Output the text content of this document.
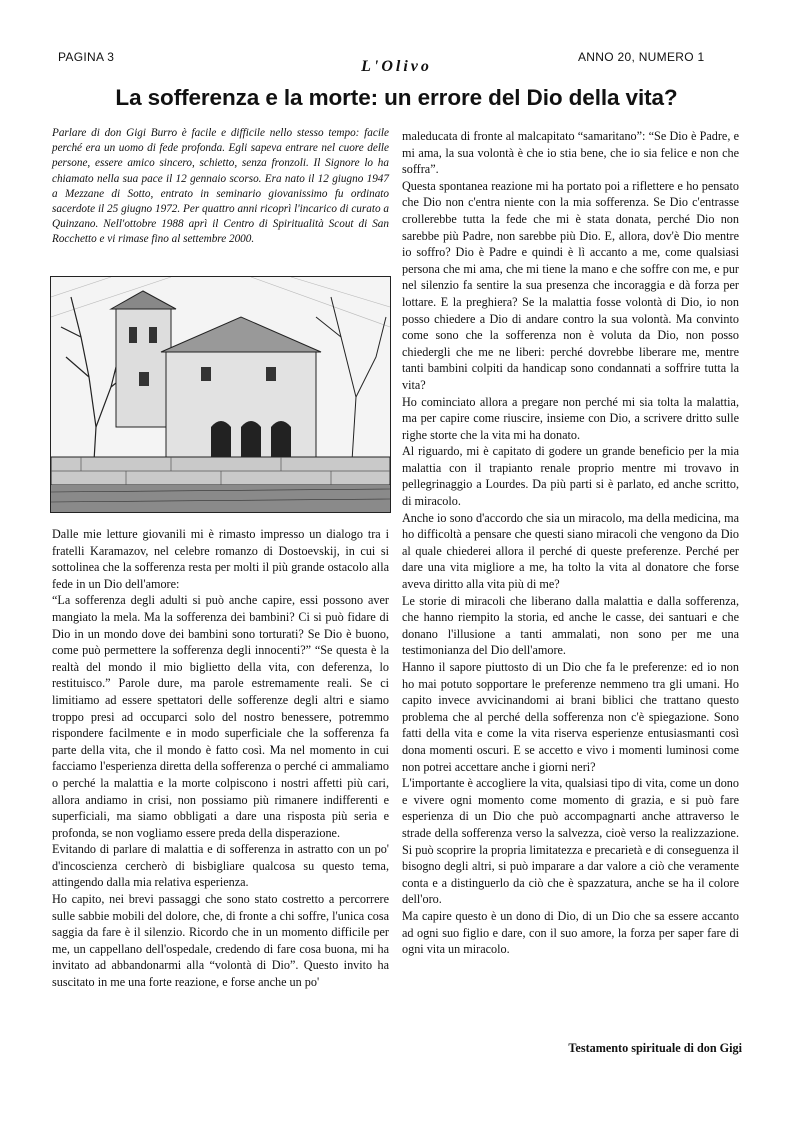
PAGINA 3	ANNO 20, NUMERO 1
L'Olivo
La sofferenza e la morte: un errore del Dio della vita?

Parlare di don Gigi Burro è facile e difficile nello stesso tempo: facile perché era un uomo di fede profonda. Egli sapeva entrare nel cuore delle persone, essere amico sincero, schietto, senza fronzoli. Il Signore lo ha chiamato nella sua pace il 12 gennaio scorso. Era nato il 12 giugno 1947 a Mezzane di Sotto, entrato in seminario giovanissimo fu ordinato sacerdote il 25 giugno 1972. Per quattro anni ricoprì l'incarico di curato a Quinzano. Nell'ottobre 1988 aprì il Centro di Spiritualità Scout di San Rocchetto e vi rimase fino al settembre 2000.

Dalle mie letture giovanili mi è rimasto impresso un dialogo tra i fratelli Karamazov, nel celebre romanzo di Dostoevskij, in cui si sottolinea che la sofferenza resta per molti il più grande ostacolo alla fede in un Dio dell'amore:

“La sofferenza degli adulti si può anche capire, essi possono aver mangiato la mela. Ma la sofferenza dei bambini? Ci si può fidare di Dio in un mondo dove dei bambini sono torturati? Se Dio è buono, come può permettere la sofferenza degli innocenti?” “Se questa è la realtà del mondo il mio biglietto della vita, con deferenza, lo restituisco.” Parole dure, ma parole estremamente reali. Se ci limitiamo ad essere spettatori delle sofferenze degli altri e siamo troppo presi ad occuparci solo del nostro benessere, potremmo rispondere facilmente e in modo superficiale che la sofferenza fa parte della vita, che il mondo è fatto così. Ma nel momento in cui facciamo l'esperienza diretta della sofferenza o perché ci ammaliamo o perché la malattia e la morte colpiscono i nostri affetti più cari, allora andiamo in crisi, non possiamo più rimanere indifferenti e superficiali, ma siamo obbligati a dare una risposta più seria e profonda, se non vogliamo essere preda della disperazione.

Evitando di parlare di malattia e di sofferenza in astratto con un po' d'incoscienza cercherò di bisbigliare qualcosa su questo tema, attingendo dalla mia relativa esperienza.

Ho capito, nei brevi passaggi che sono stato costretto a percorrere sulle sabbie mobili del dolore, che, di fronte a chi soffre, l'unica cosa saggia da fare è il silenzio. Ricordo che in un momento difficile per me, un cappellano dell'ospedale, credendo di fare cosa buona, mi ha invitato ad abbandonarmi alla “volontà di Dio”. Questo invito ha suscitato in me una forte reazione, e forse anche un po'

maleducata di fronte al malcapitato “samaritano”: “Se Dio è Padre, e mi ama, la sua volontà è che io stia bene, che io sia felice e non che soffra”.

Questa spontanea reazione mi ha portato poi a riflettere e ho pensato che Dio non c'entra niente con la mia sofferenza. Se Dio c'entrasse crollerebbe tutta la fede che mi è stata donata, perché Dio non sarebbe più Padre, non sarebbe più Dio. E, allora, dov'è Dio mentre io soffro? Dio è Padre e quindi è lì accanto a me, come qualsiasi persona che mi ama, che mi tiene la mano e che soffre con me, e pur nel silenzio fa sentire la sua presenza che incoraggia e dà forza per lottare. E la preghiera? Se la malattia fosse volontà di Dio, io non posso chiedere a Dio di andare contro la sua volontà. Ma convinto come sono che la sofferenza non è voluta da Dio, non posso chiedergli che me ne liberi: perché dovrebbe liberare me, mentre tanti bambini colpiti da handicap sono condannati a soffrire tutta la vita?

Ho cominciato allora a pregare non perché mi sia tolta la malattia, ma per capire come riuscire, insieme con Dio, a scrivere dritto sulle righe storte che la vita mi ha donato.

Al riguardo, mi è capitato di godere un grande beneficio per la mia malattia con il trapianto renale proprio mentre mi trovavo in pellegrinaggio a Lourdes. Da più parti si è parlato, ed anche scritto, di miracolo.

Anche io sono d'accordo che sia un miracolo, ma della medicina, ma ho difficoltà a pensare che questi siano miracoli che vengono da Dio al quale chiederei allora il perché di queste preferenze. Perché per dare una vita migliore a me, ha tolto la vita al donatore che forse aveva diritto alla vita più di me?

Le storie di miracoli che liberano dalla malattia e dalla sofferenza, che hanno riempito la storia, ed anche le casse, dei santuari e che donano l'illusione a tanti ammalati, non sono per me una testimonianza del Dio dell'amore.

Hanno il sapore piuttosto di un Dio che fa le preferenze: ed io non ho mai potuto sopportare le preferenze nemmeno tra gli umani. Ho capito invece avvicinandomi ai brani biblici che trattano questo problema che al perché della sofferenza non c'è spiegazione. Sono fatti della vita e come la vita riserva esperienze entusiasmanti così dona momenti oscuri. E se accetto e vivo i momenti luminosi come non potrei accettare anche i giorni neri?

L'importante è accogliere la vita, qualsiasi tipo di vita, come un dono e vivere ogni momento come momento di grazia, e si può fare esperienza di un Dio che può accompagnarti anche attraverso le strade della sofferenza verso la salvezza, cioè verso la realizzazione. Si può scoprire la propria limitatezza e precarietà e di conseguenza il bisogno degli altri, si può imparare a dar valore a ciò che veramente conta e a distinguerlo da ciò che è spazzatura, anche se ha il colore dell'oro.

Ma capire questo è un dono di Dio, di un Dio che sa essere accanto ad ogni suo figlio e dare, con il suo amore, la forza per saper fare di ogni vita un miracolo.

Testamento spirituale di don Gigi
